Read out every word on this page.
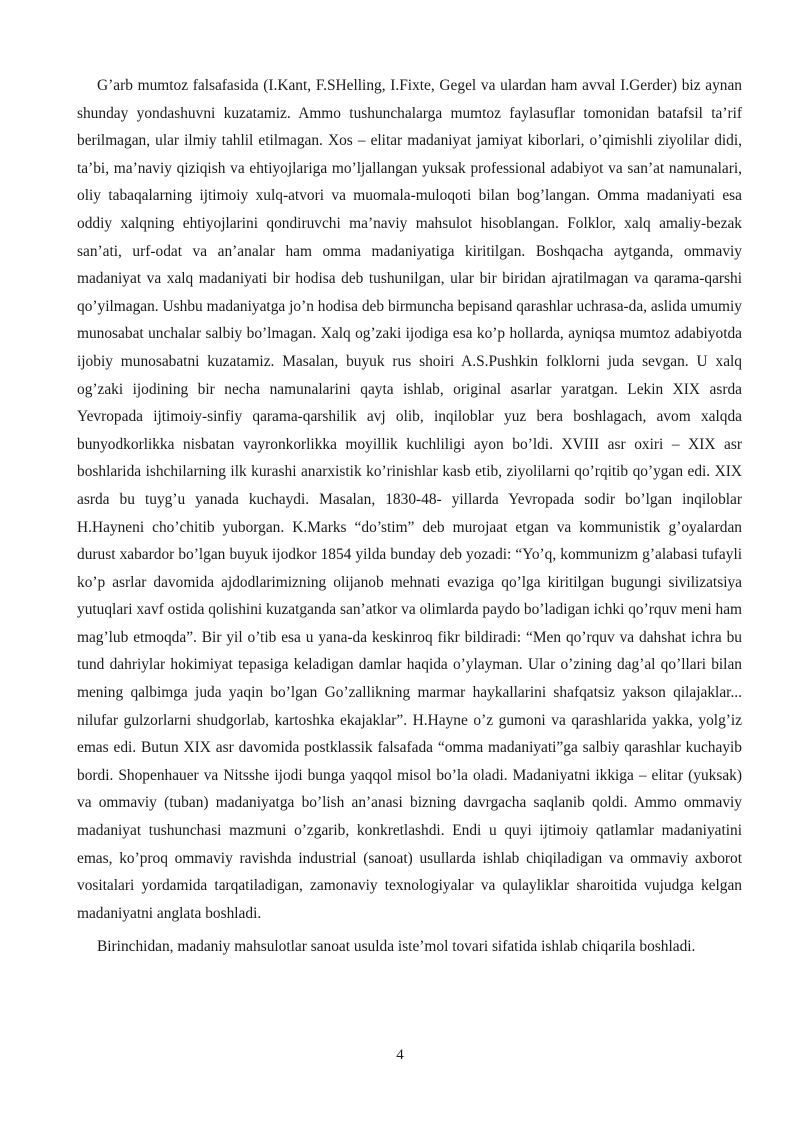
G’arb mumtoz falsafasida (I.Kant, F.SHelling, I.Fixte, Gegel va ulardan ham avval I.Gerder) biz aynan shunday yondashuvni kuzatamiz. Ammo tushunchalarga mumtoz faylasuflar tomonidan batafsil ta’rif berilmagan, ular ilmiy tahlil etilmagan. Xos – elitar madaniyat jamiyat kiborlari, o’qimishli ziyolilar didi, ta’bi, ma’naviy qiziqish va ehtiyojlariga mo’ljallangan yuksak professional adabiyot va san’at namunalari, oliy tabaqalarning ijtimoiy xulq-atvori va muomala-muloqoti bilan bog’langan. Omma madaniyati esa oddiy xalqning ehtiyojlarini qondiruvchi ma’naviy mahsulot hisoblangan. Folklor, xalq amaliy-bezak san’ati, urf-odat va an’analar ham omma madaniyatiga kiritilgan. Boshqacha aytganda, ommaviy madaniyat va xalq madaniyati bir hodisa deb tushunilgan, ular bir biridan ajratilmagan va qarama-qarshi qo’yilmagan. Ushbu madaniyatga jo’n hodisa deb birmuncha bepisand qarashlar uchrasa-da, aslida umumiy munosabat unchalar salbiy bo’lmagan. Xalq og’zaki ijodiga esa ko’p hollarda, ayniqsa mumtoz adabiyotda ijobiy munosabatni kuzatamiz. Masalan, buyuk rus shoiri A.S.Pushkin folklorni juda sevgan. U xalq og’zaki ijodining bir necha namunalarini qayta ishlab, original asarlar yaratgan. Lekin XIX asrda Yevropada ijtimoiy-sinfiy qarama-qarshilik avj olib, inqiloblar yuz bera boshlagach, avom xalqda bunyodkorlikka nisbatan vayronkorlikka moyillik kuchliligi ayon bo’ldi. XVIII asr oxiri – XIX asr boshlarida ishchilarning ilk kurashi anarxistik ko’rinishlar kasb etib, ziyolilarni qo’rqitib qo’ygan edi. XIX asrda bu tuyg’u yanada kuchaydi. Masalan, 1830-48- yillarda Yevropada sodir bo’lgan inqiloblar H.Hayneni cho’chitib yuborgan. K.Marks “do’stim” deb murojaat etgan va kommunistik g’oyalardan durust xabardor bo’lgan buyuk ijodkor 1854 yilda bunday deb yozadi: “Yo’q, kommunizm g’alabasi tufayli ko’p asrlar davomida ajdodlarimizning olijanob mehnati evaziga qo’lga kiritilgan bugungi sivilizatsiya yutuqlari xavf ostida qolishini kuzatganda san’atkor va olimlarda paydo bo’ladigan ichki qo’rquv meni ham mag’lub etmoqda”. Bir yil o’tib esa u yana-da keskinroq fikr bildiradi: “Men qo’rquv va dahshat ichra bu tund dahriylar hokimiyat tepasiga keladigan damlar haqida o’ylayman. Ular o’zining dag’al qo’llari bilan mening qalbimga juda yaqin bo’lgan Go’zallikning marmar haykallarini shafqatsiz yakson qilajaklar... nilufar gulzorlarni shudgorlab, kartoshka ekajaklar”. H.Hayne o’z gumoni va qarashlarida yakka, yolg’iz emas edi. Butun XIX asr davomida postklassik falsafada “omma madaniyati”ga salbiy qarashlar kuchayib bordi. Shopenhauer va Nitsshe ijodi bunga yaqqol misol bo’la oladi. Madaniyatni ikkiga – elitar (yuksak) va ommaviy (tuban) madaniyatga bo’lish an’anasi bizning davrgacha saqlanib qoldi. Ammo ommaviy madaniyat tushunchasi mazmuni o’zgarib, konkretlashdi. Endi u quyi ijtimoiy qatlamlar madaniyatini emas, ko’proq ommaviy ravishda industrial (sanoat) usullarda ishlab chiqiladigan va ommaviy axborot vositalari yordamida tarqatiladigan, zamonaviy texnologiyalar va qulayliklar sharoitida vujudga kelgan madaniyatni anglata boshladi.

Birinchidan, madaniy mahsulotlar sanoat usulda iste’mol tovari sifatida ishlab chiqarila boshladi.

4
